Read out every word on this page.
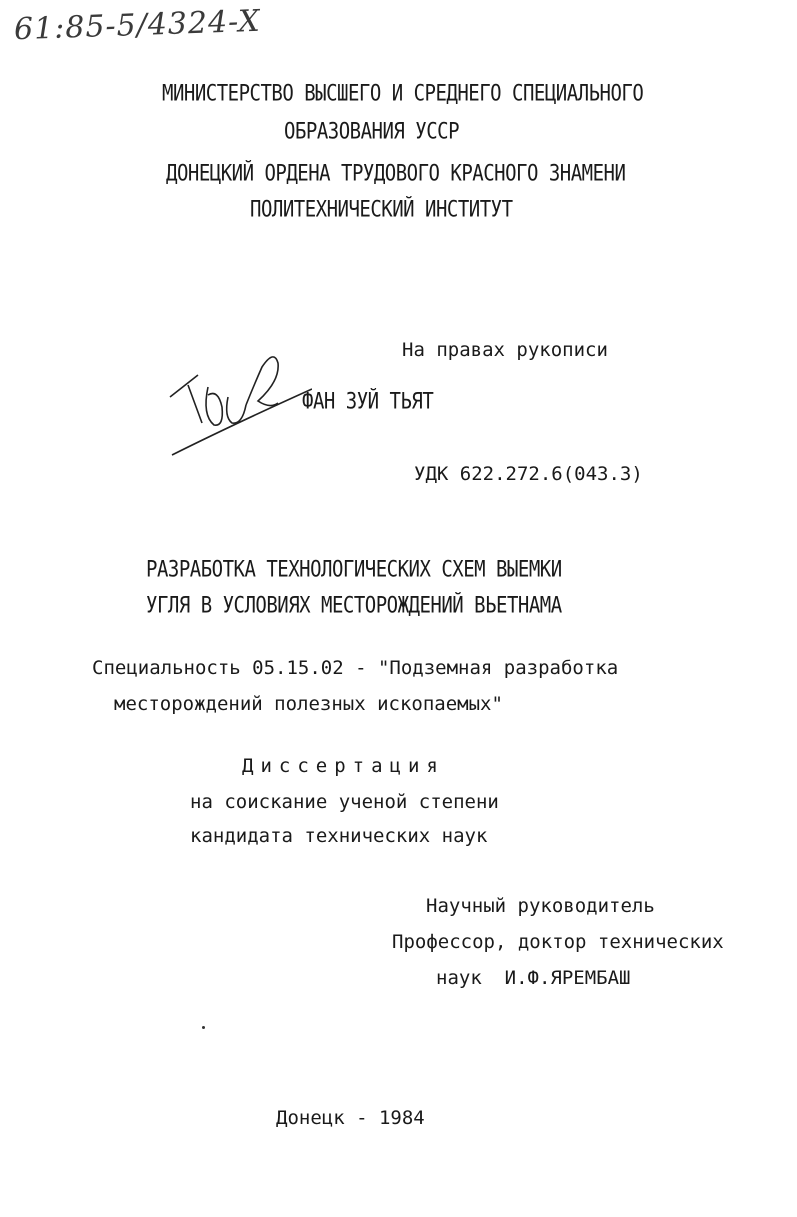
61:85-5/4324-X
МИНИСТЕРСТВО ВЫСШЕГО И СРЕДНЕГО СПЕЦИАЛЬНОГО
ОБРАЗОВАНИЯ УССР
ДОНЕЦКИЙ ОРДЕНА ТРУДОВОГО КРАСНОГО ЗНАМЕНИ
ПОЛИТЕХНИЧЕСКИЙ ИНСТИТУТ
На правах рукописи
ФАН ЗУЙ ТЬЯТ
УДК 622.272.6(043.3)
РАЗРАБОТКА ТЕХНОЛОГИЧЕСКИХ СХЕМ ВЫЕМКИ
УГЛЯ В УСЛОВИЯХ МЕСТОРОЖДЕНИЙ ВЬЕТНАМА
Специальность 05.15.02 - "Подземная разработка
месторождений полезных ископаемых"
Диссертация
на соискание ученой степени
кандидата технических наук
Научный руководитель
Профессор, доктор технических
наук  И.Ф.ЯРЕМБАШ
Донецк - 1984
